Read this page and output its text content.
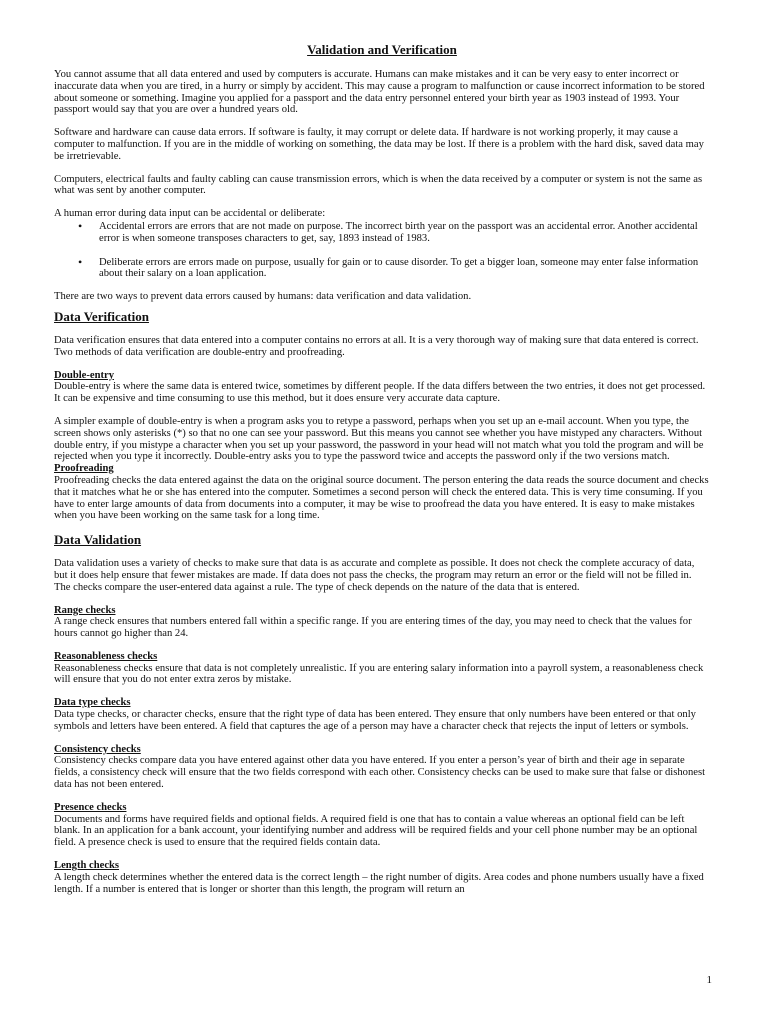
Validation and Verification

You cannot assume that all data entered and used by computers is accurate. Humans can make mistakes and it can be very easy to enter incorrect or inaccurate data when you are tired, in a hurry or simply by accident. This may cause a program to malfunction or cause incorrect information to be stored about someone or something. Imagine you applied for a passport and the data entry personnel entered your birth year as 1903 instead of 1993. Your passport would say that you are over a hundred years old.

Software and hardware can cause data errors. If software is faulty, it may corrupt or delete data. If hardware is not working properly, it may cause a computer to malfunction. If you are in the middle of working on something, the data may be lost. If there is a problem with the hard disk, saved data may be irretrievable.

Computers, electrical faults and faulty cabling can cause transmission errors, which is when the data received by a computer or system is not the same as what was sent by another computer.

A human error during data input can be accidental or deliberate:

• Accidental errors are errors that are not made on purpose. The incorrect birth year on the passport was an accidental error. Another accidental error is when someone transposes characters to get, say, 1893 instead of 1983.
• Deliberate errors are errors made on purpose, usually for gain or to cause disorder. To get a bigger loan, someone may enter false information about their salary on a loan application.

There are two ways to prevent data errors caused by humans: data verification and data validation.

Data Verification

Data verification ensures that data entered into a computer contains no errors at all. It is a very thorough way of making sure that data entered is correct. Two methods of data verification are double-entry and proofreading.

Double-entry

Double-entry is where the same data is entered twice, sometimes by different people. If the data differs between the two entries, it does not get processed. It can be expensive and time consuming to use this method, but it does ensure very accurate data capture.

A simpler example of double-entry is when a program asks you to retype a password, perhaps when you set up an e-mail account. When you type, the screen shows only asterisks (*) so that no one can see your password. But this means you cannot see whether you have mistyped any characters. Without double entry, if you mistype a character when you set up your password, the password in your head will not match what you told the program and will be rejected when you type it incorrectly. Double-entry asks you to type the password twice and accepts the password only if the two versions match.

Proofreading

Proofreading checks the data entered against the data on the original source document. The person entering the data reads the source document and checks that it matches what he or she has entered into the computer. Sometimes a second person will check the entered data. This is very time consuming. If you have to enter large amounts of data from documents into a computer, it may be wise to proofread the data you have entered. It is easy to make mistakes when you have been working on the same task for a long time.

Data Validation

Data validation uses a variety of checks to make sure that data is as accurate and complete as possible. It does not check the complete accuracy of data, but it does help ensure that fewer mistakes are made. If data does not pass the checks, the program may return an error or the field will not be filled in. The checks compare the user-entered data against a rule. The type of check depends on the nature of the data that is entered.

Range checks

A range check ensures that numbers entered fall within a specific range. If you are entering times of the day, you may need to check that the values for hours cannot go higher than 24.

Reasonableness checks

Reasonableness checks ensure that data is not completely unrealistic. If you are entering salary information into a payroll system, a reasonableness check will ensure that you do not enter extra zeros by mistake.

Data type checks

Data type checks, or character checks, ensure that the right type of data has been entered. They ensure that only numbers have been entered or that only symbols and letters have been entered. A field that captures the age of a person may have a character check that rejects the input of letters or symbols.

Consistency checks

Consistency checks compare data you have entered against other data you have entered. If you enter a person’s year of birth and their age in separate fields, a consistency check will ensure that the two fields correspond with each other. Consistency checks can be used to make sure that false or dishonest data has not been entered.

Presence checks

Documents and forms have required fields and optional fields. A required field is one that has to contain a value whereas an optional field can be left blank. In an application for a bank account, your identifying number and address will be required fields and your cell phone number may be an optional field. A presence check is used to ensure that the required fields contain data.

Length checks

A length check determines whether the entered data is the correct length – the right number of digits. Area codes and phone numbers usually have a fixed length. If a number is entered that is longer or shorter than this length, the program will return an

1
